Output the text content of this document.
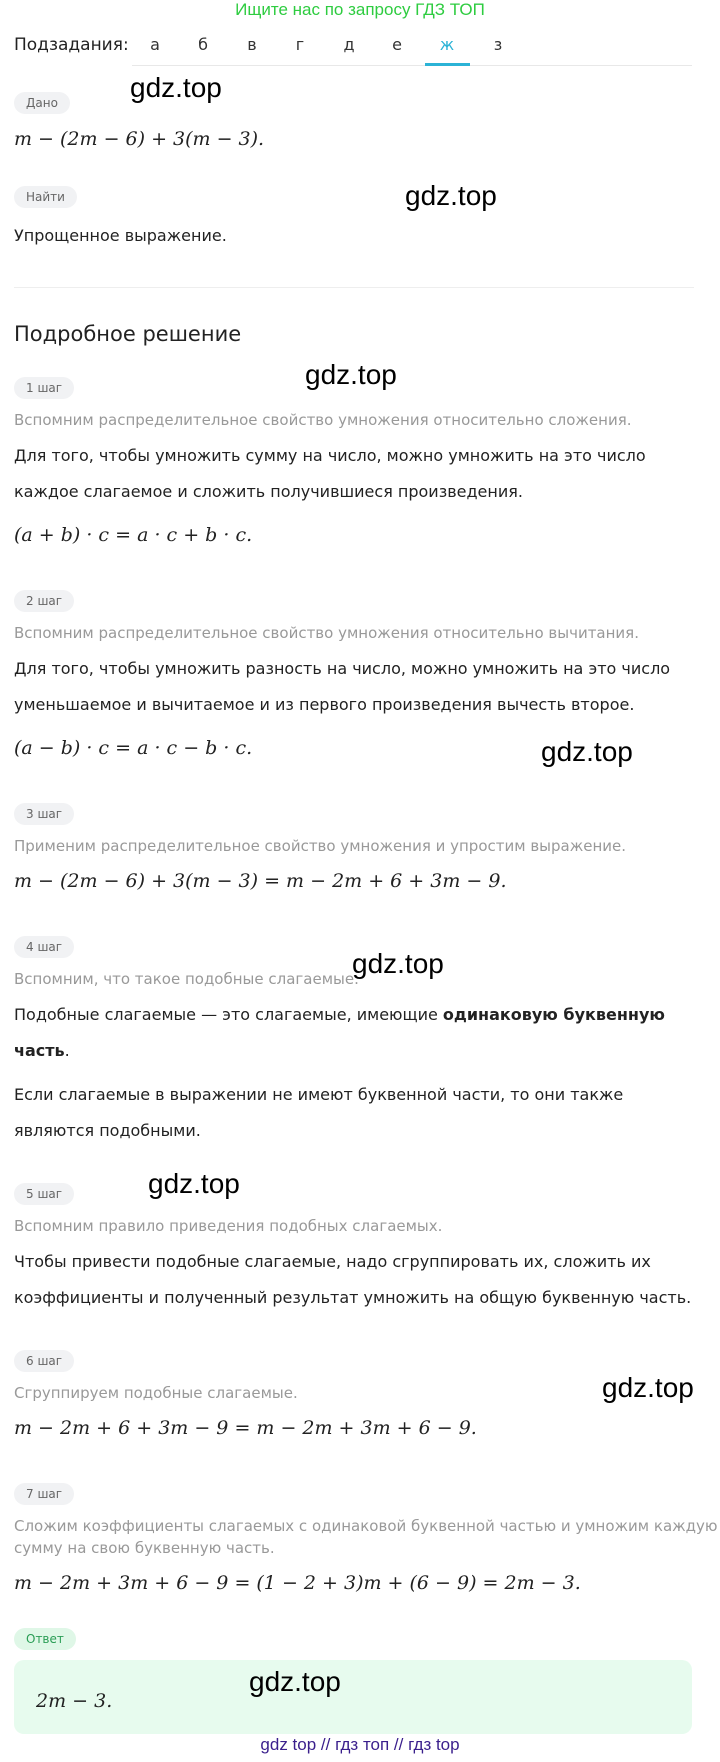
Ищите нас по запросу ГДЗ ТОП
Подзадания:	а	б	в	г	д	е	ж	з
Дано
m − (2m − 6) + 3(m − 3).
Найти
Упрощенное выражение.
Подробное решение
1 шаг
Вспомним распределительное свойство умножения относительно сложения.
Для того, чтобы умножить сумму на число, можно умножить на это число
каждое слагаемое и сложить получившиеся произведения.
(a + b) · c = a · c + b · c.
2 шаг
Вспомним распределительное свойство умножения относительно вычитания.
Для того, чтобы умножить разность на число, можно умножить на это число
уменьшаемое и вычитаемое и из первого произведения вычесть второе.
(a − b) · c = a · c − b · c.
3 шаг
Применим распределительное свойство умножения и упростим выражение.
m − (2m − 6) + 3(m − 3) = m − 2m + 6 + 3m − 9.
4 шаг
Вспомним, что такое подобные слагаемые.
Подобные слагаемые — это слагаемые, имеющие одинаковую буквенную
часть.
Если слагаемые в выражении не имеют буквенной части, то они также
являются подобными.
5 шаг
Вспомним правило приведения подобных слагаемых.
Чтобы привести подобные слагаемые, надо сгруппировать их, сложить их
коэффициенты и полученный результат умножить на общую буквенную часть.
6 шаг
Сгруппируем подобные слагаемые.
m − 2m + 6 + 3m − 9 = m − 2m + 3m + 6 − 9.
7 шаг
Сложим коэффициенты слагаемых с одинаковой буквенной частью и умножим каждую
сумму на свою буквенную часть.
m − 2m + 3m + 6 − 9 = (1 − 2 + 3)m + (6 − 9) = 2m − 3.
Ответ
2m − 3.
gdz.top
gdz.top
gdz.top
gdz.top
gdz.top
gdz.top
gdz.top
gdz.top
gdz top // гдз топ // гдз top
